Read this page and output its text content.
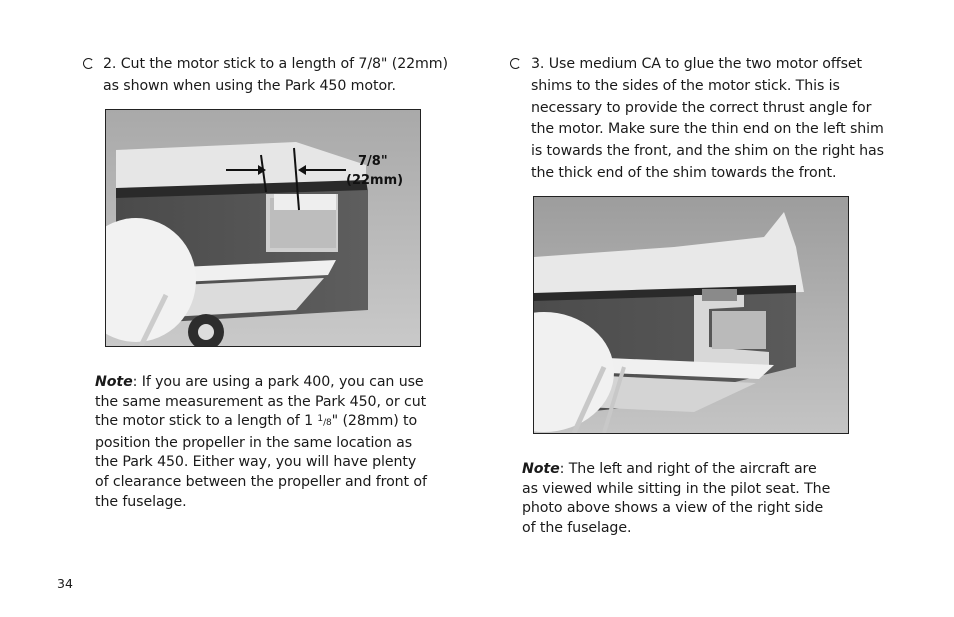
2. Cut the motor stick to a length of 7/8" (22mm)
as shown when using the Park 450 motor.
7/8"
(22mm)
Note: If you are using a park 400, you can use
the same measurement as the Park 450, or cut
the motor stick to a length of 1 $^1$/8" (28mm) to
position the propeller in the same location as
the Park 450. Either way, you will have plenty
of clearance between the propeller and front of
the fuselage.
3. Use medium CA to glue the two motor offset
shims to the sides of the motor stick. This is
necessary to provide the correct thrust angle for
the motor. Make sure the thin end on the left shim
is towards the front, and the shim on the right has
the thick end of the shim towards the front.
Note: The left and right of the aircraft are
as viewed while sitting in the pilot seat. The
photo above shows a view of the right side
of the fuselage.
34
